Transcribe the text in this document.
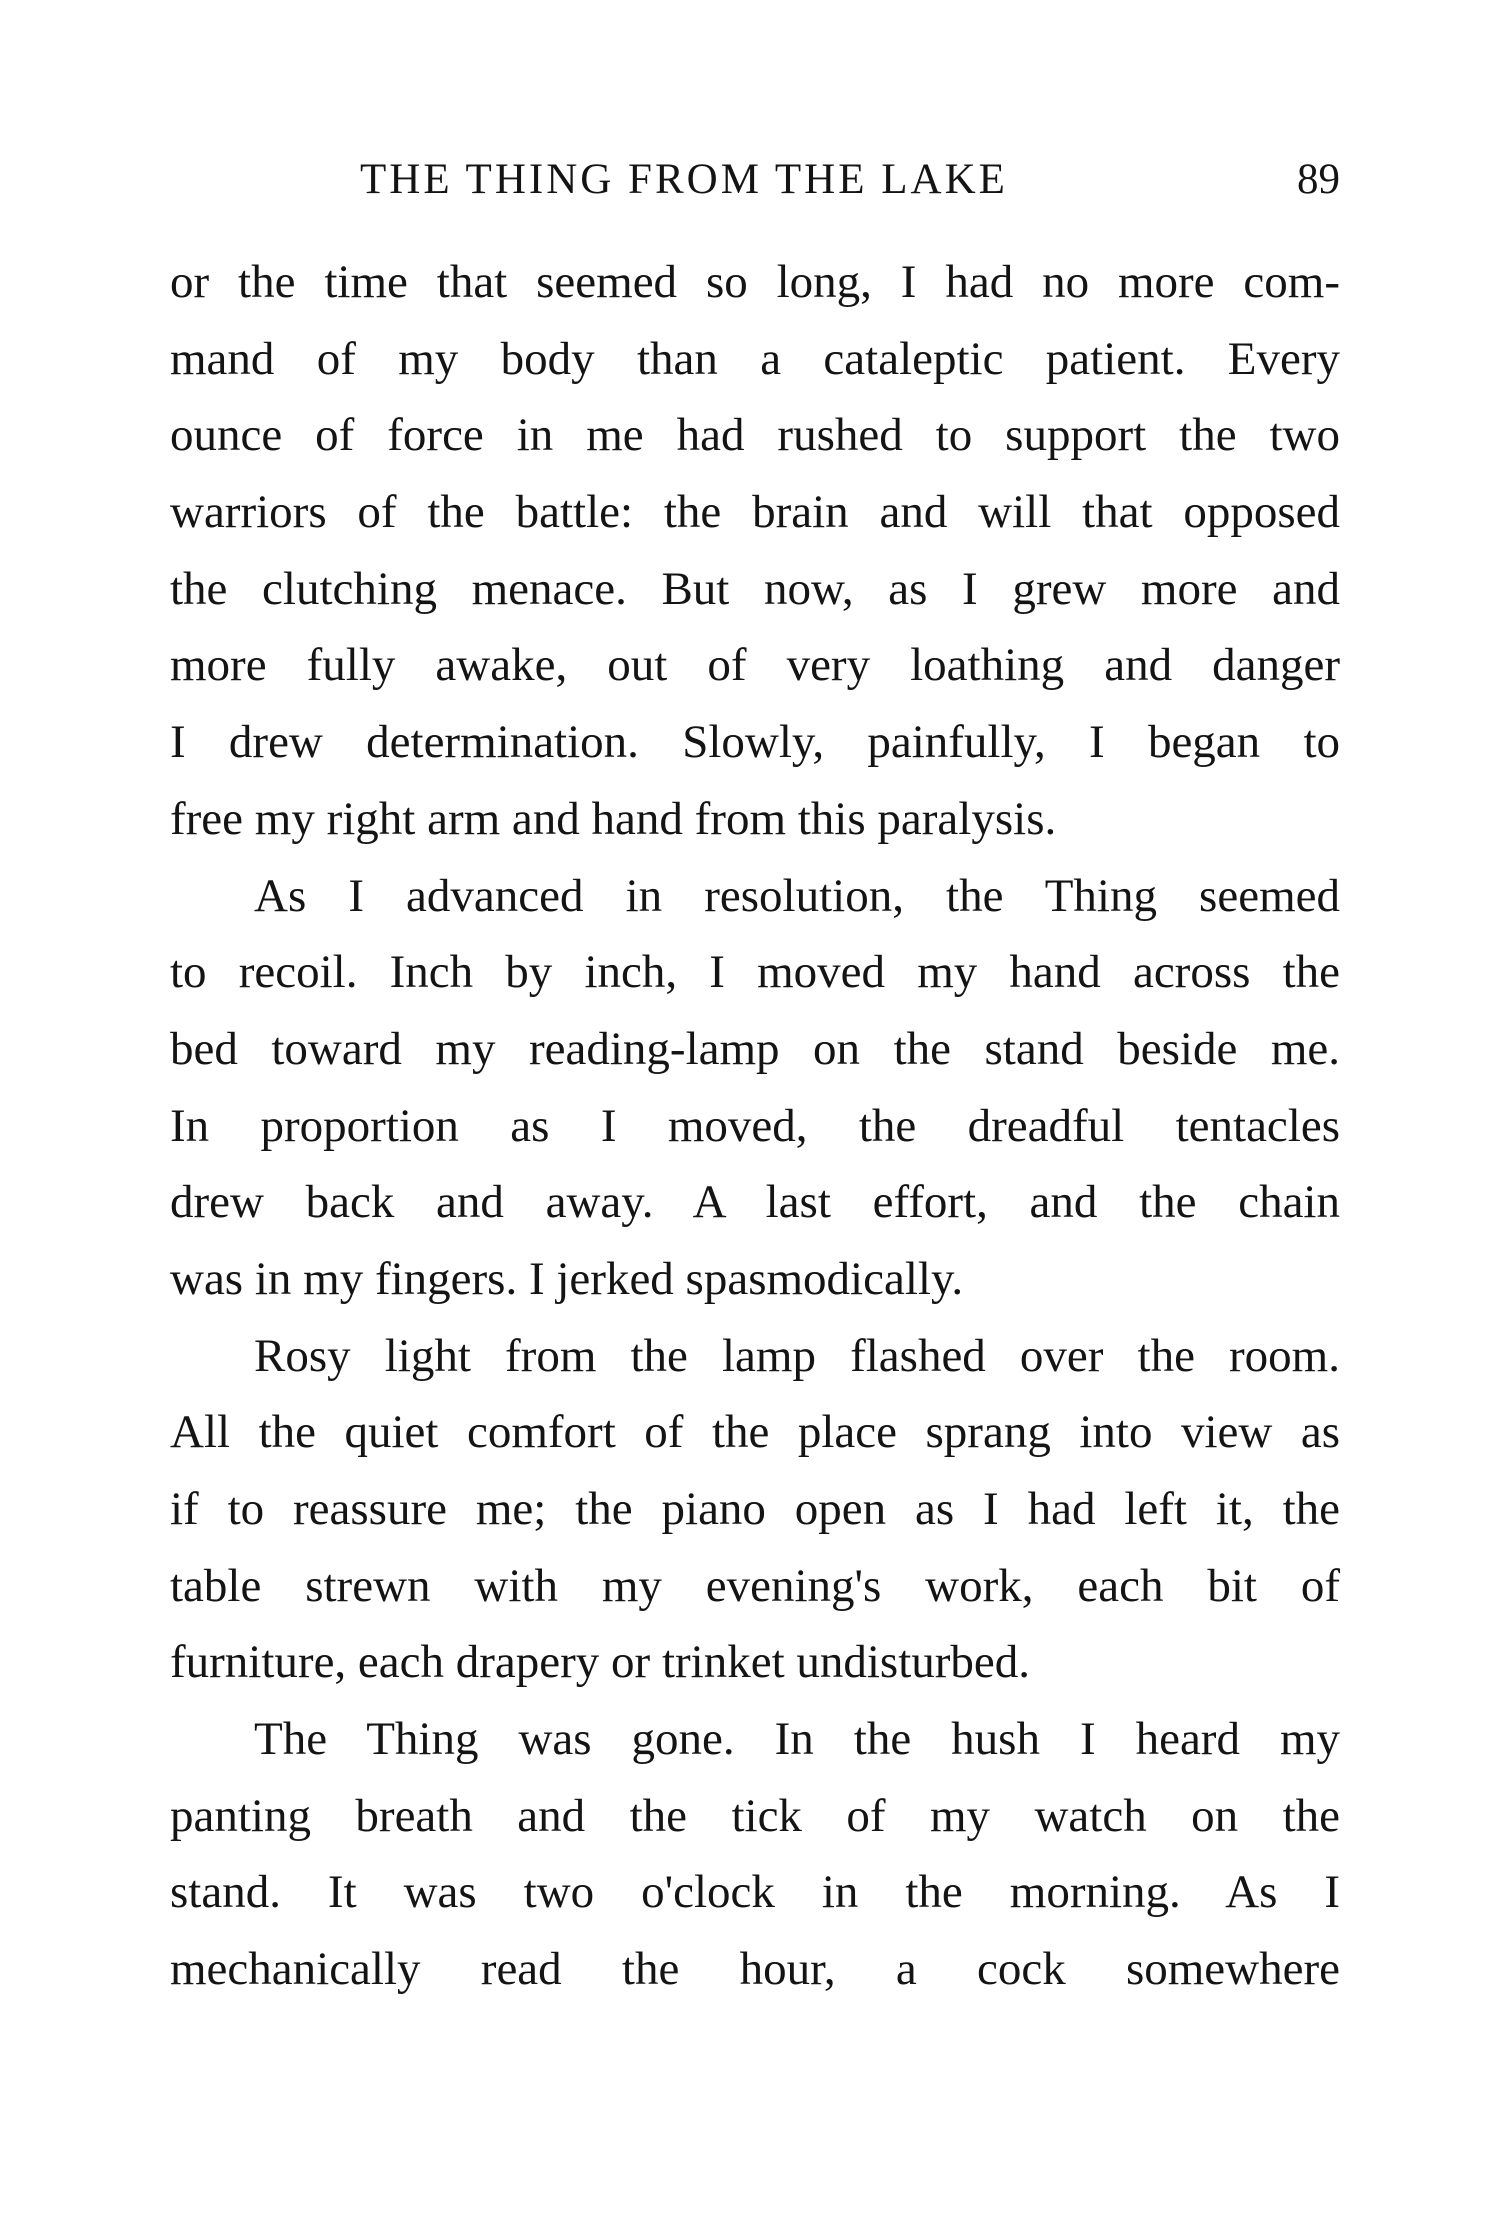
THE THING FROM THE LAKE	89

or the time that seemed so long, I had no more com-
mand of my body than a cataleptic patient. Every
ounce of force in me had rushed to support the two
warriors of the battle: the brain and will that opposed
the clutching menace. But now, as I grew more and
more fully awake, out of very loathing and danger
I drew determination. Slowly, painfully, I began to
free my right arm and hand from this paralysis.

As I advanced in resolution, the Thing seemed
to recoil. Inch by inch, I moved my hand across the
bed toward my reading-lamp on the stand beside me.
In proportion as I moved, the dreadful tentacles
drew back and away. A last effort, and the chain
was in my fingers. I jerked spasmodically.

Rosy light from the lamp flashed over the room.
All the quiet comfort of the place sprang into view as
if to reassure me; the piano open as I had left it, the
table strewn with my evening's work, each bit of
furniture, each drapery or trinket undisturbed.

The Thing was gone. In the hush I heard my
panting breath and the tick of my watch on the
stand. It was two o'clock in the morning. As I
mechanically read the hour, a cock somewhere
